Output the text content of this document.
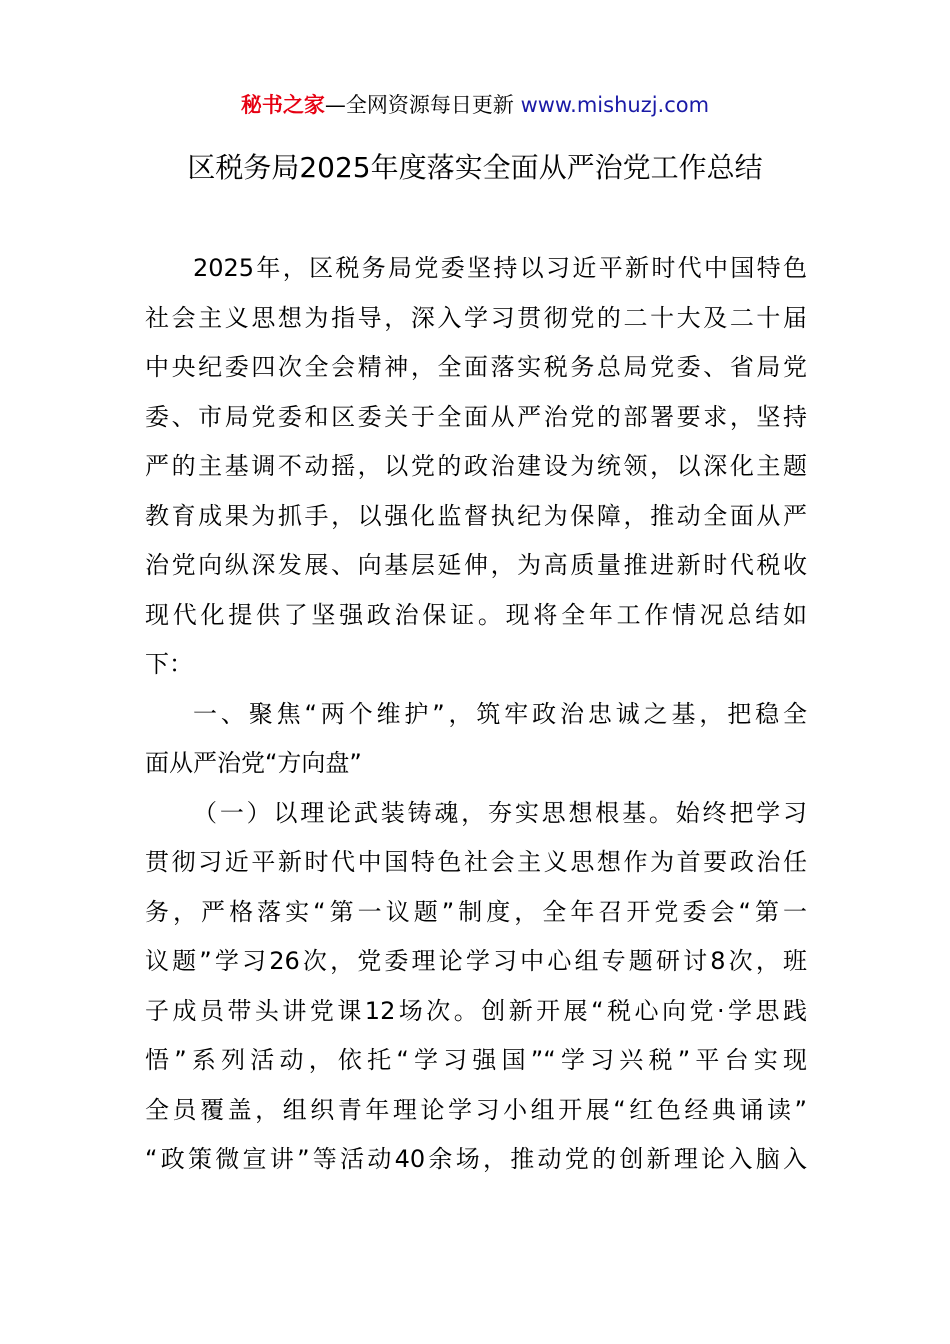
秘书之家—全网资源每日更新 www.mishuzj.com
区税务局2025年度落实全面从严治党工作总结
2025年，区税务局党委坚持以习近平新时代中国特色
社会主义思想为指导，深入学习贯彻党的二十大及二十届
中央纪委四次全会精神，全面落实税务总局党委、省局党
委、市局党委和区委关于全面从严治党的部署要求，坚持
严的主基调不动摇，以党的政治建设为统领，以深化主题
教育成果为抓手，以强化监督执纪为保障，推动全面从严
治党向纵深发展、向基层延伸，为高质量推进新时代税收
现代化提供了坚强政治保证。现将全年工作情况总结如
下：
一、聚焦“两个维护”，筑牢政治忠诚之基，把稳全
面从严治党“方向盘”
（一）以理论武装铸魂，夯实思想根基。始终把学习
贯彻习近平新时代中国特色社会主义思想作为首要政治任
务，严格落实“第一议题”制度，全年召开党委会“第一
议题”学习26次，党委理论学习中心组专题研讨8次，班
子成员带头讲党课12场次。创新开展“税心向党·学思践
悟”系列活动，依托“学习强国”“学习兴税”平台实现
全员覆盖，组织青年理论学习小组开展“红色经典诵读”
“政策微宣讲”等活动40余场，推动党的创新理论入脑入
